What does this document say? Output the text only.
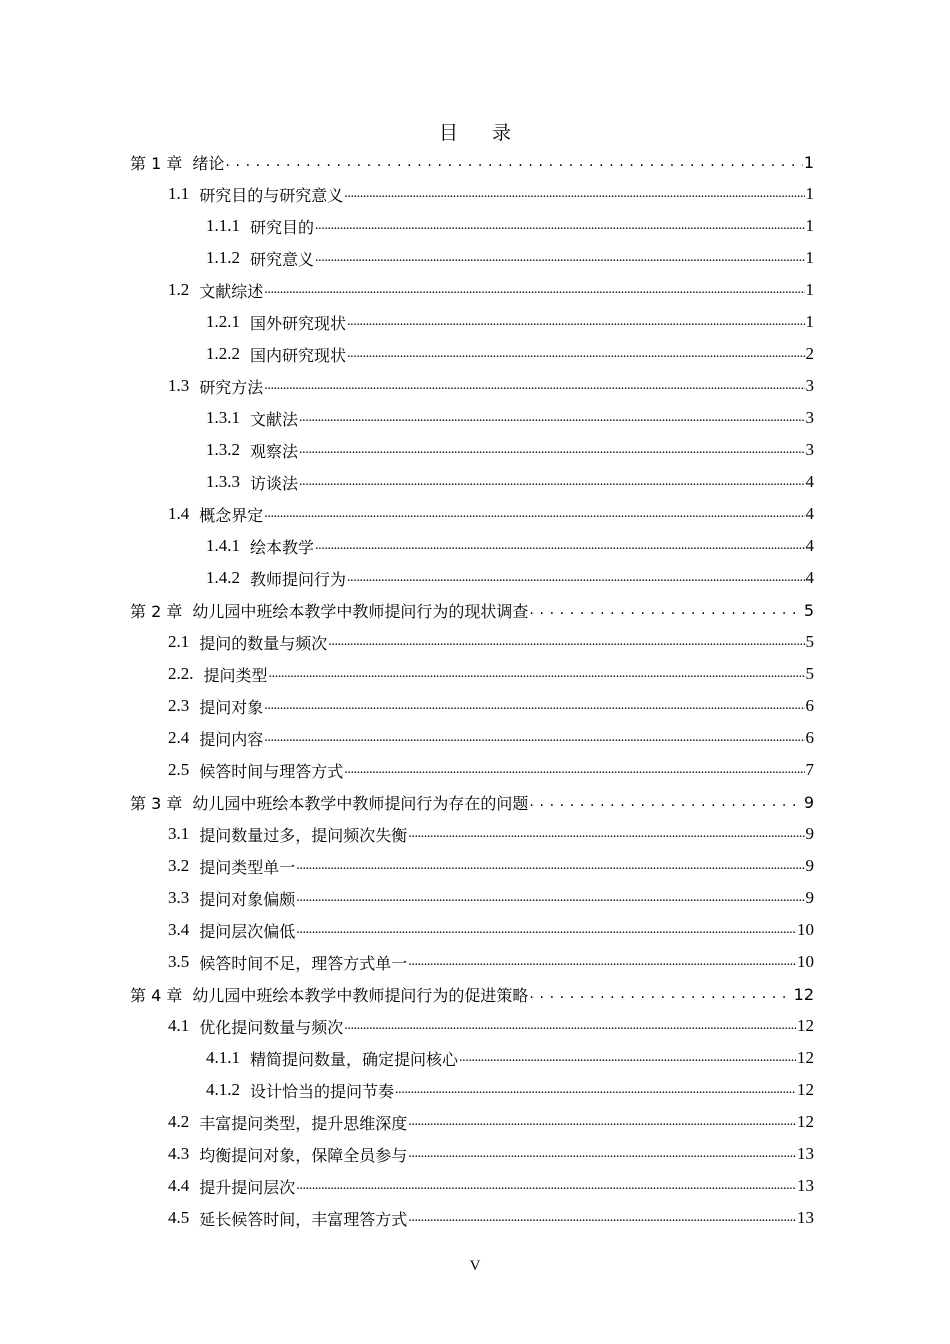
目 录
第 1 章 绪论 . . .	1
1.1 研究目的与研究意义 .....	1
1.1.1 研究目的 .....	1
1.1.2 研究意义 .....	1
1.2 文献综述 .....	1
1.2.1 国外研究现状 .....	1
1.2.2 国内研究现状 .....	2
1.3 研究方法 .....	3
1.3.1 文献法 .....	3
1.3.2 观察法 .....	3
1.3.3 访谈法 .....	4
1.4 概念界定 .....	4
1.4.1 绘本教学 .....	4
1.4.2 教师提问行为 .....	4
第 2 章 幼儿园中班绘本教学中教师提问行为的现状调查 . . .	5
2.1 提问的数量与频次 .....	5
2.2. 提问类型 .....	5
2.3 提问对象 .....	6
2.4 提问内容 .....	6
2.5 候答时间与理答方式 .....	7
第 3 章 幼儿园中班绘本教学中教师提问行为存在的问题 . . .	9
3.1 提问数量过多，提问频次失衡 .....	9
3.2 提问类型单一 .....	9
3.3 提问对象偏颇 .....	9
3.4 提问层次偏低 .....	10
3.5 候答时间不足，理答方式单一 .....	10
第 4 章 幼儿园中班绘本教学中教师提问行为的促进策略 . . .	12
4.1 优化提问数量与频次 .....	12
4.1.1 精简提问数量，确定提问核心 .....	12
4.1.2 设计恰当的提问节奏 .....	12
4.2 丰富提问类型，提升思维深度 .....	12
4.3 均衡提问对象，保障全员参与 .....	13
4.4 提升提问层次 .....	13
4.5 延长候答时间，丰富理答方式 .....	13
V
